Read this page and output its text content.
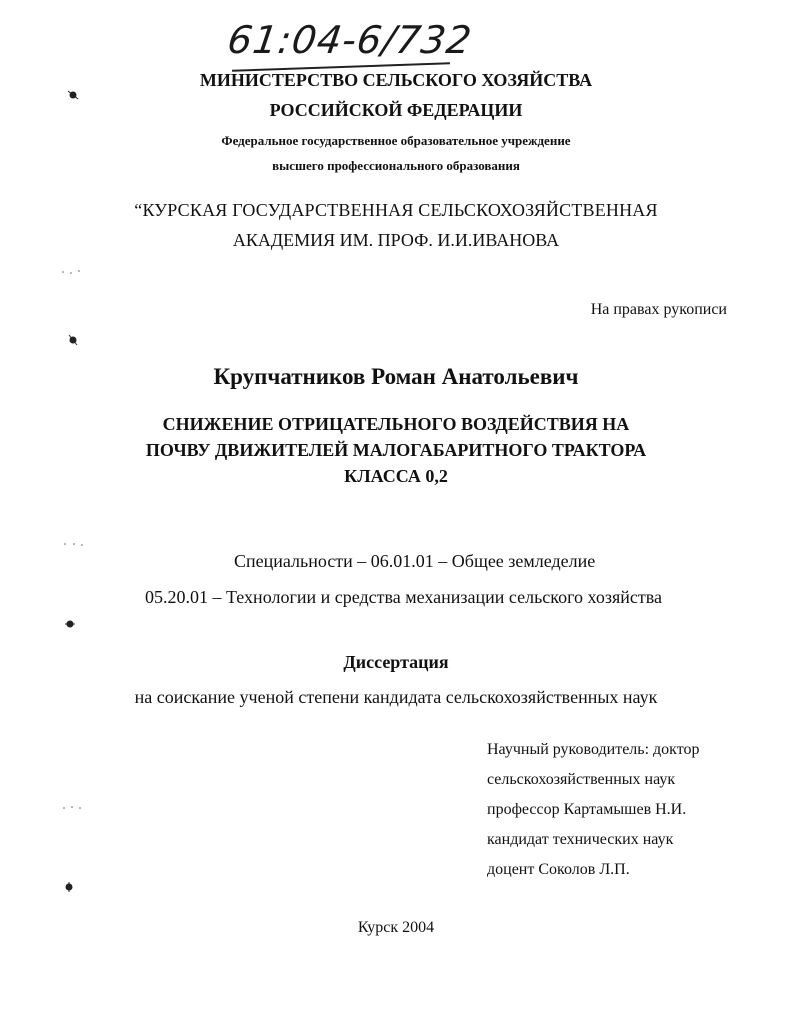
61:04-6/732
МИНИСТЕРСТВО СЕЛЬСКОГО ХОЗЯЙСТВА
РОССИЙСКОЙ ФЕДЕРАЦИИ
Федеральное государственное образовательное учреждение
высшего профессионального образования
“КУРСКАЯ ГОСУДАРСТВЕННАЯ СЕЛЬСКОХОЗЯЙСТВЕННАЯ
АКАДЕМИЯ ИМ. ПРОФ. И.И.ИВАНОВА
На правах рукописи
Крупчатников Роман Анатольевич
СНИЖЕНИЕ ОТРИЦАТЕЛЬНОГО ВОЗДЕЙСТВИЯ НА
ПОЧВУ ДВИЖИТЕЛЕЙ МАЛОГАБАРИТНОГО ТРАКТОРА
КЛАССА 0,2
Специальности – 06.01.01 – Общее земледелие
05.20.01 – Технологии и средства механизации сельского хозяйства
Диссертация
на соискание ученой степени кандидата сельскохозяйственных наук
Научный руководитель: доктор
сельскохозяйственных наук
профессор Картамышев Н.И.
кандидат технических наук
доцент Соколов Л.П.
Курск 2004
